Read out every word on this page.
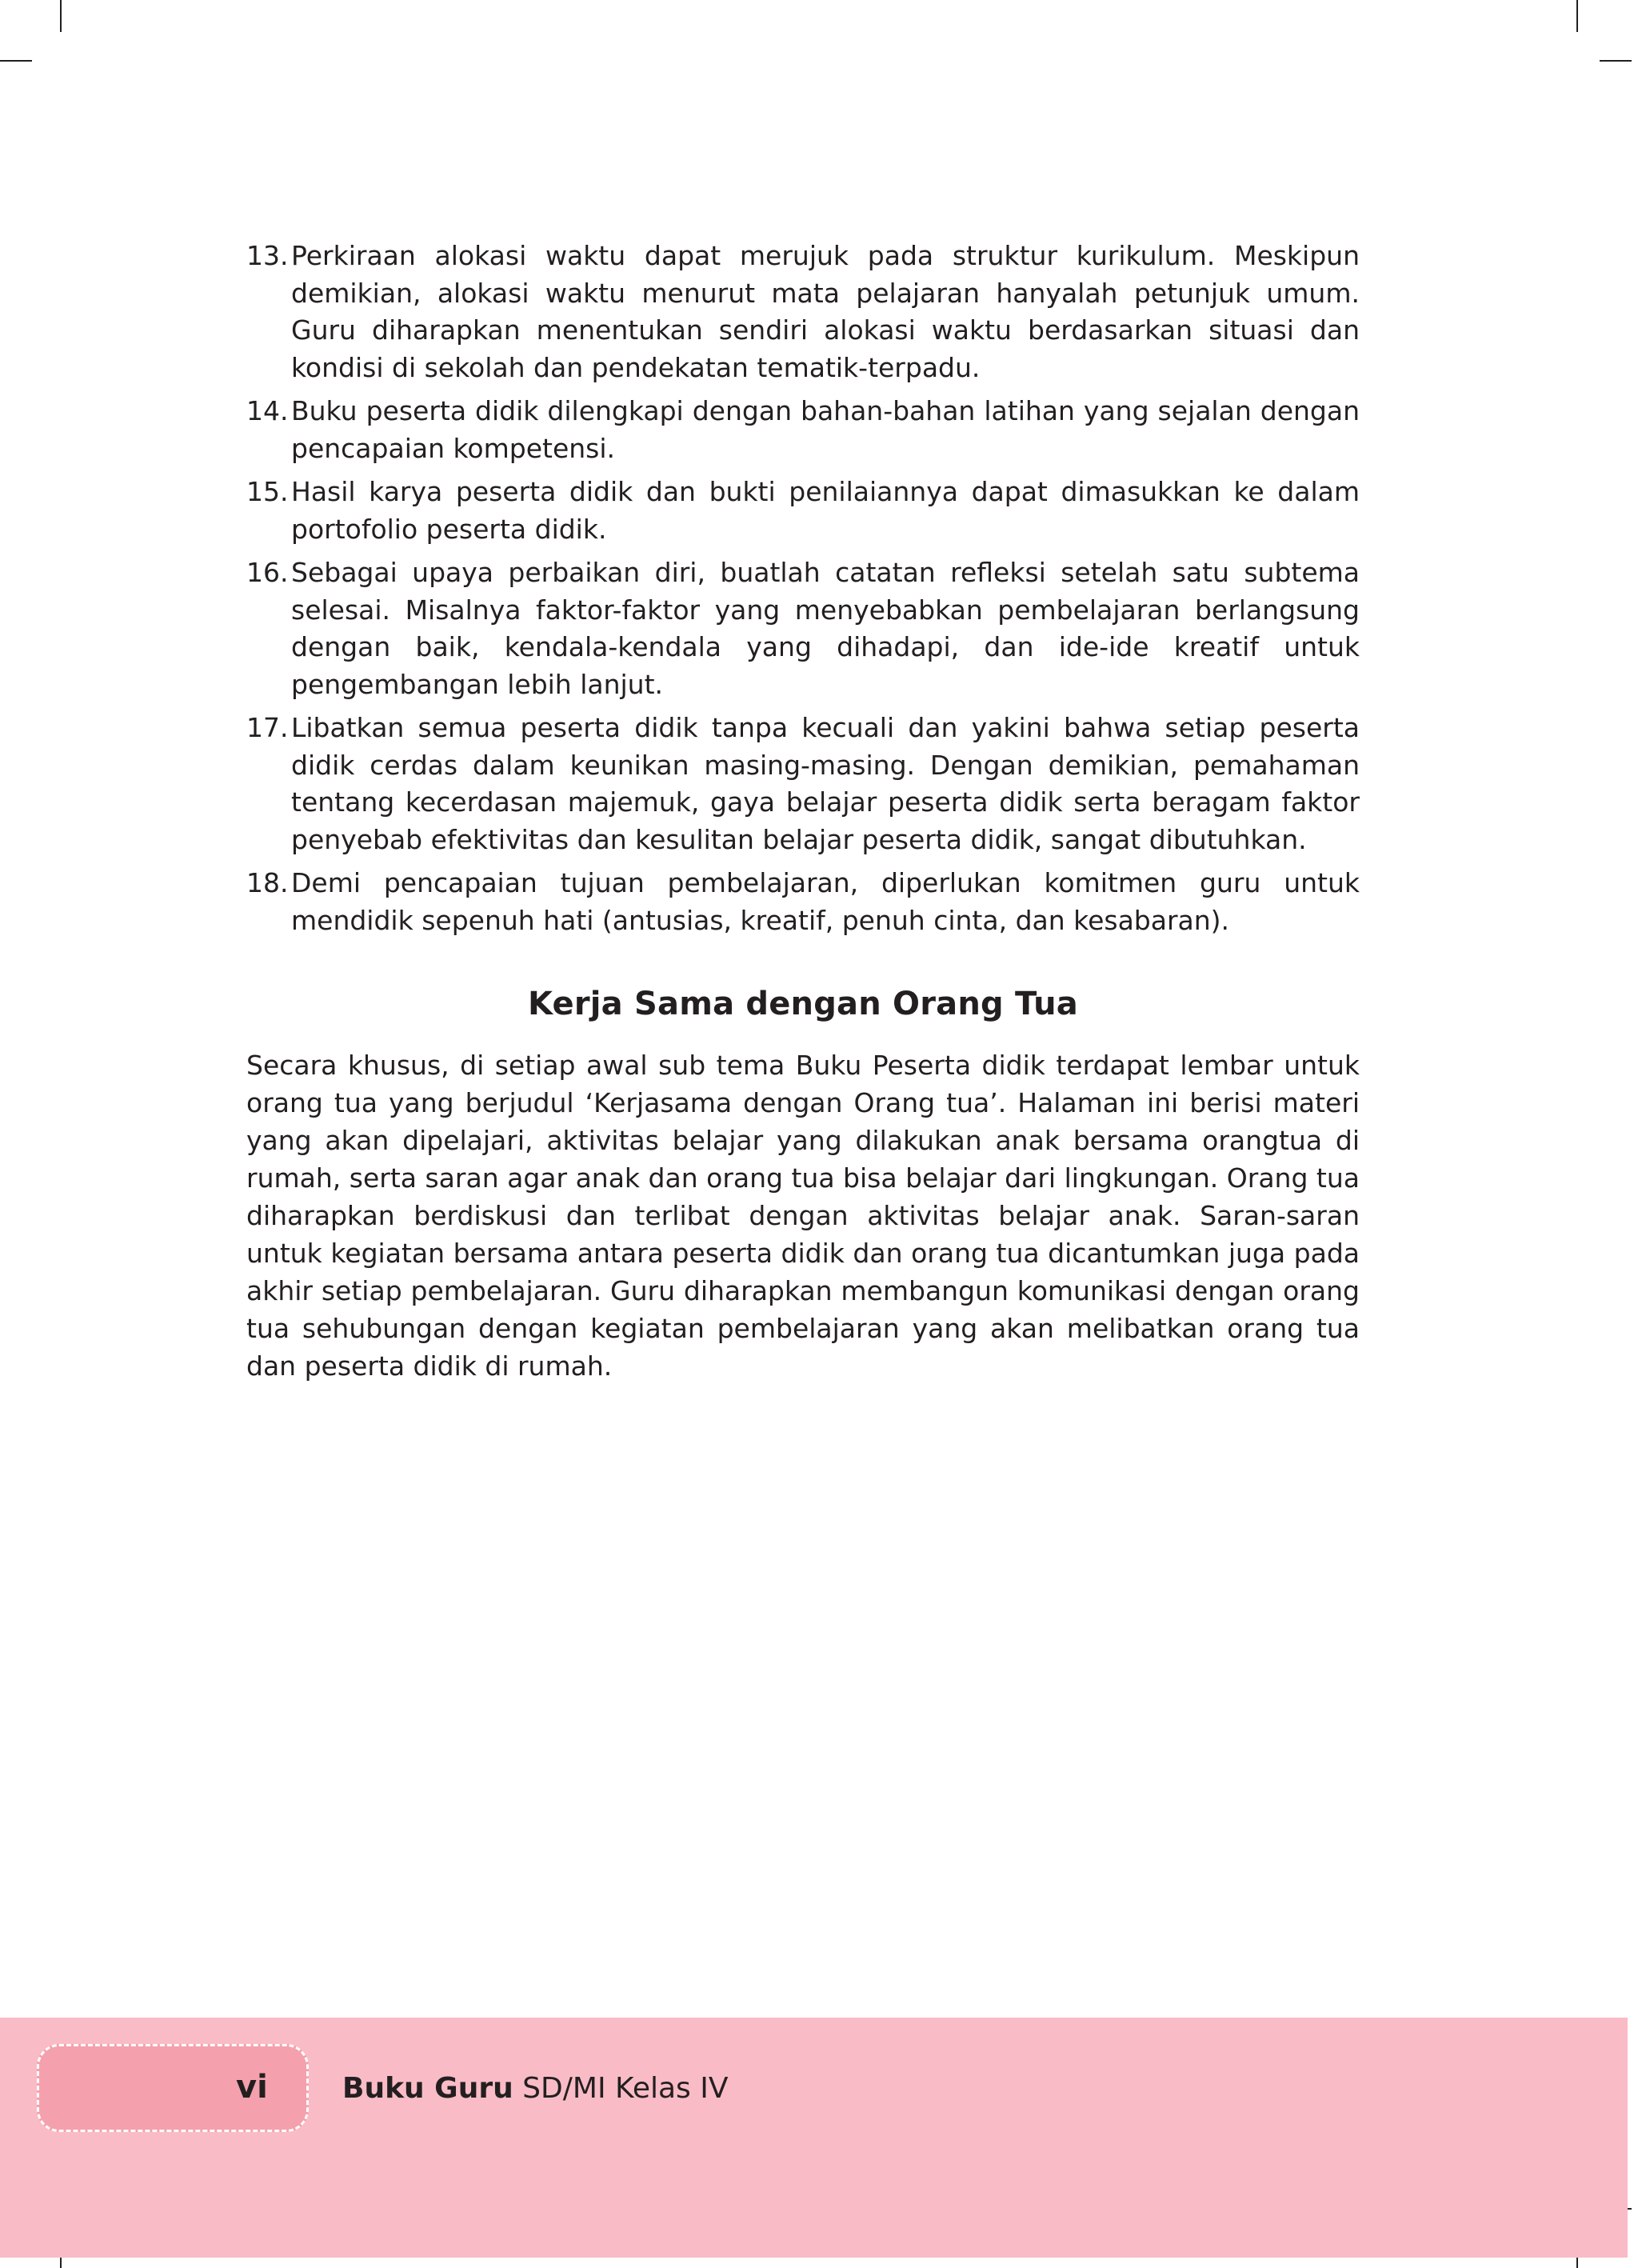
13. Perkiraan alokasi waktu dapat merujuk pada struktur kurikulum. Meskipun demikian, alokasi waktu menurut mata pelajaran hanyalah petunjuk umum. Guru diharapkan menentukan sendiri alokasi waktu berdasarkan situasi dan kondisi di sekolah dan pendekatan tematik-terpadu.
14. Buku peserta didik dilengkapi dengan bahan-bahan latihan yang sejalan dengan pencapaian kompetensi.
15. Hasil karya peserta didik dan bukti penilaiannya dapat dimasukkan ke dalam portofolio peserta didik.
16. Sebagai upaya perbaikan diri, buatlah catatan refleksi setelah satu subtema selesai. Misalnya faktor-faktor yang menyebabkan pembelajaran berlangsung dengan baik, kendala-kendala yang dihadapi, dan ide-ide kreatif untuk pengembangan lebih lanjut.
17. Libatkan semua peserta didik tanpa kecuali dan yakini bahwa setiap peserta didik cerdas dalam keunikan masing-masing. Dengan demikian, pemahaman tentang kecerdasan majemuk, gaya belajar peserta didik serta beragam faktor penyebab efektivitas dan kesulitan belajar peserta didik, sangat dibutuhkan.
18. Demi pencapaian tujuan pembelajaran, diperlukan komitmen guru untuk mendidik sepenuh hati (antusias, kreatif, penuh cinta, dan kesabaran).
Kerja Sama dengan Orang Tua

Secara khusus, di setiap awal sub tema Buku Peserta didik terdapat lembar untuk orang tua yang berjudul ‘Kerjasama dengan Orang tua’. Halaman ini berisi materi yang akan dipelajari, aktivitas belajar yang dilakukan anak bersama orangtua di rumah, serta saran agar anak dan orang tua bisa belajar dari lingkungan. Orang tua diharapkan berdiskusi dan terlibat dengan aktivitas belajar anak. Saran-saran untuk kegiatan bersama antara peserta didik dan orang tua dicantumkan juga pada akhir setiap pembelajaran. Guru diharapkan membangun komunikasi dengan orang tua sehubungan dengan kegiatan pembelajaran yang akan melibatkan orang tua dan peserta didik di rumah.

vi	Buku Guru SD/MI Kelas IV
